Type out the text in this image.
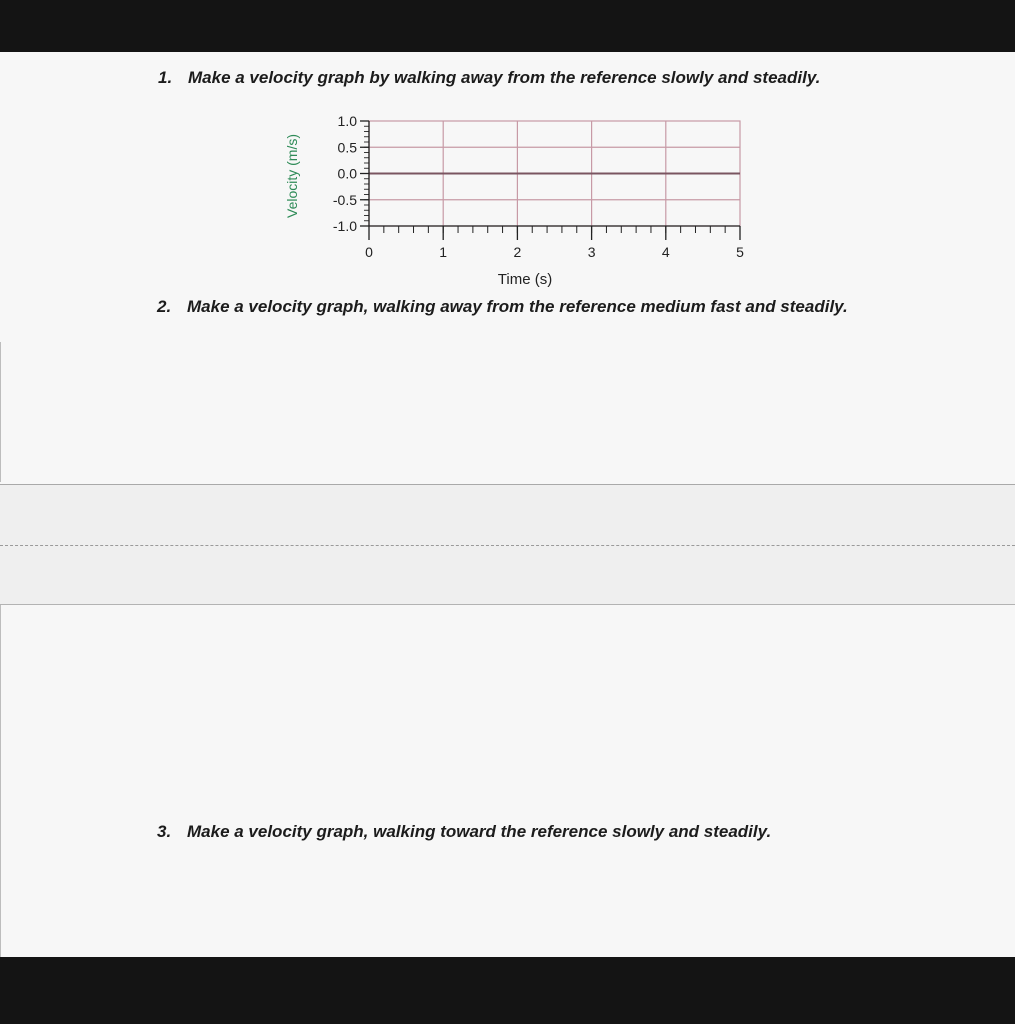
1. Make a velocity graph by walking away from the reference slowly and steadily.
0	1	2	3	4	5
1.0
0.5
0.0
-0.5
-1.0
Velocity (m/s)
Time (s)
2. Make a velocity graph, walking away from the reference medium fast and steadily.
3. Make a velocity graph, walking toward the reference slowly and steadily.
